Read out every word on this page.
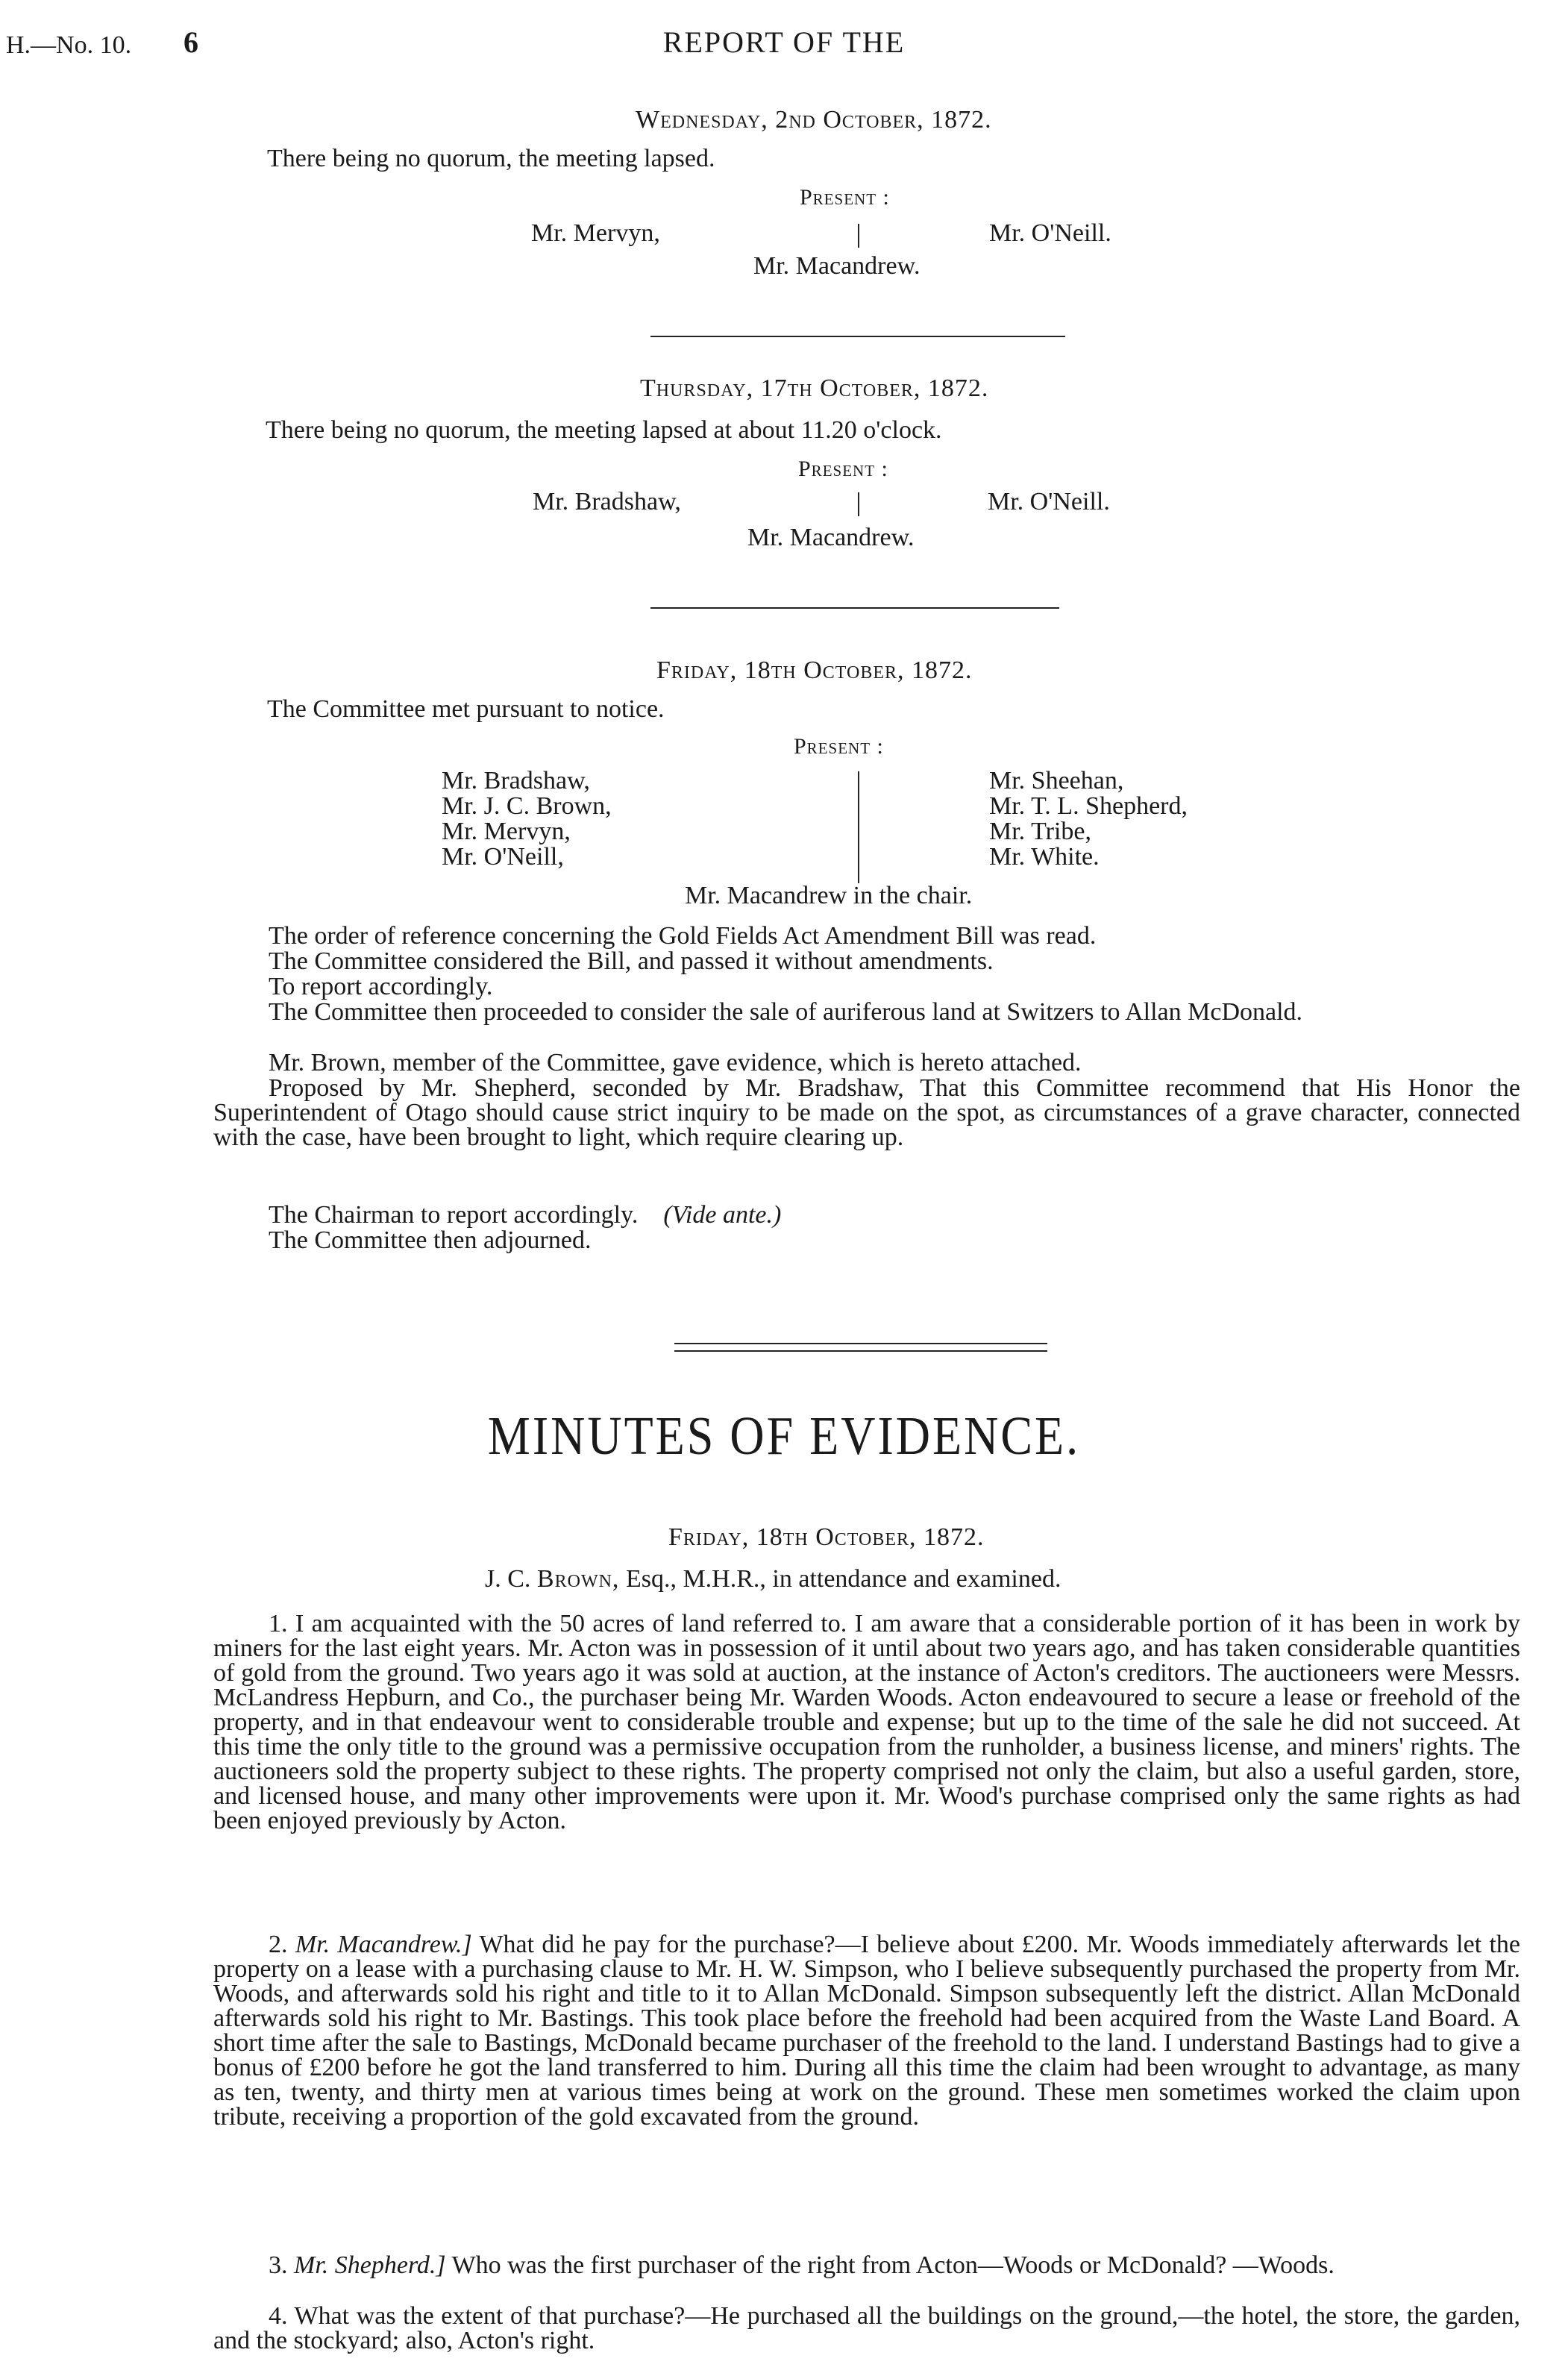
H.—No. 10. 6	REPORT OF THE
Wednesday, 2nd October, 1872.
There being no quorum, the meeting lapsed.
Present :
Mr. Mervyn,	Mr. O'Neill.
Mr. Macandrew.
Thursday, 17th October, 1872.
There being no quorum, the meeting lapsed at about 11.20 o'clock.
Present :
Mr. Bradshaw,	Mr. O'Neill.
Mr. Macandrew.
Friday, 18th October, 1872.
The Committee met pursuant to notice.
Present :
Mr. Bradshaw,
Mr. J. C. Brown,
Mr. Mervyn,
Mr. O'Neill,
Mr. Sheehan,
Mr. T. L. Shepherd,
Mr. Tribe,
Mr. White.
Mr. Macandrew in the chair.
The order of reference concerning the Gold Fields Act Amendment Bill was read.
The Committee considered the Bill, and passed it without amendments.
To report accordingly.
The Committee then proceeded to consider the sale of auriferous land at Switzers to Allan McDonald.
Mr. Brown, member of the Committee, gave evidence, which is hereto attached.
Proposed by Mr. Shepherd, seconded by Mr. Bradshaw, That this Committee recommend that His Honor the Superintendent of Otago should cause strict inquiry to be made on the spot, as circumstances of a grave character, connected with the case, have been brought to light, which require clearing up.
The Chairman to report accordingly. (Vide ante.)
The Committee then adjourned.
MINUTES OF EVIDENCE.
Friday, 18th October, 1872.
J. C. Brown, Esq., M.H.R., in attendance and examined.
1. I am acquainted with the 50 acres of land referred to. I am aware that a considerable portion of it has been in work by miners for the last eight years. Mr. Acton was in possession of it until about two years ago, and has taken considerable quantities of gold from the ground. Two years ago it was sold at auction, at the instance of Acton's creditors. The auctioneers were Messrs. McLandress Hepburn, and Co., the purchaser being Mr. Warden Woods. Acton endeavoured to secure a lease or freehold of the property, and in that endeavour went to considerable trouble and expense; but up to the time of the sale he did not succeed. At this time the only title to the ground was a permissive occupation from the runholder, a business license, and miners' rights. The auctioneers sold the property subject to these rights. The property comprised not only the claim, but also a useful garden, store, and licensed house, and many other improvements were upon it. Mr. Wood's purchase comprised only the same rights as had been enjoyed previously by Acton.
2. Mr. Macandrew.] What did he pay for the purchase?—I believe about £200. Mr. Woods immediately afterwards let the property on a lease with a purchasing clause to Mr. H. W. Simpson, who I believe subsequently purchased the property from Mr. Woods, and afterwards sold his right and title to it to Allan McDonald. Simpson subsequently left the district. Allan McDonald afterwards sold his right to Mr. Bastings. This took place before the freehold had been acquired from the Waste Land Board. A short time after the sale to Bastings, McDonald became purchaser of the freehold to the land. I understand Bastings had to give a bonus of £200 before he got the land transferred to him. During all this time the claim had been wrought to advantage, as many as ten, twenty, and thirty men at various times being at work on the ground. These men sometimes worked the claim upon tribute, receiving a proportion of the gold excavated from the ground.
3. Mr. Shepherd.] Who was the first purchaser of the right from Acton—Woods or McDonald? —Woods.
4. What was the extent of that purchase?—He purchased all the buildings on the ground,—the hotel, the store, the garden, and the stockyard; also, Acton's right.
